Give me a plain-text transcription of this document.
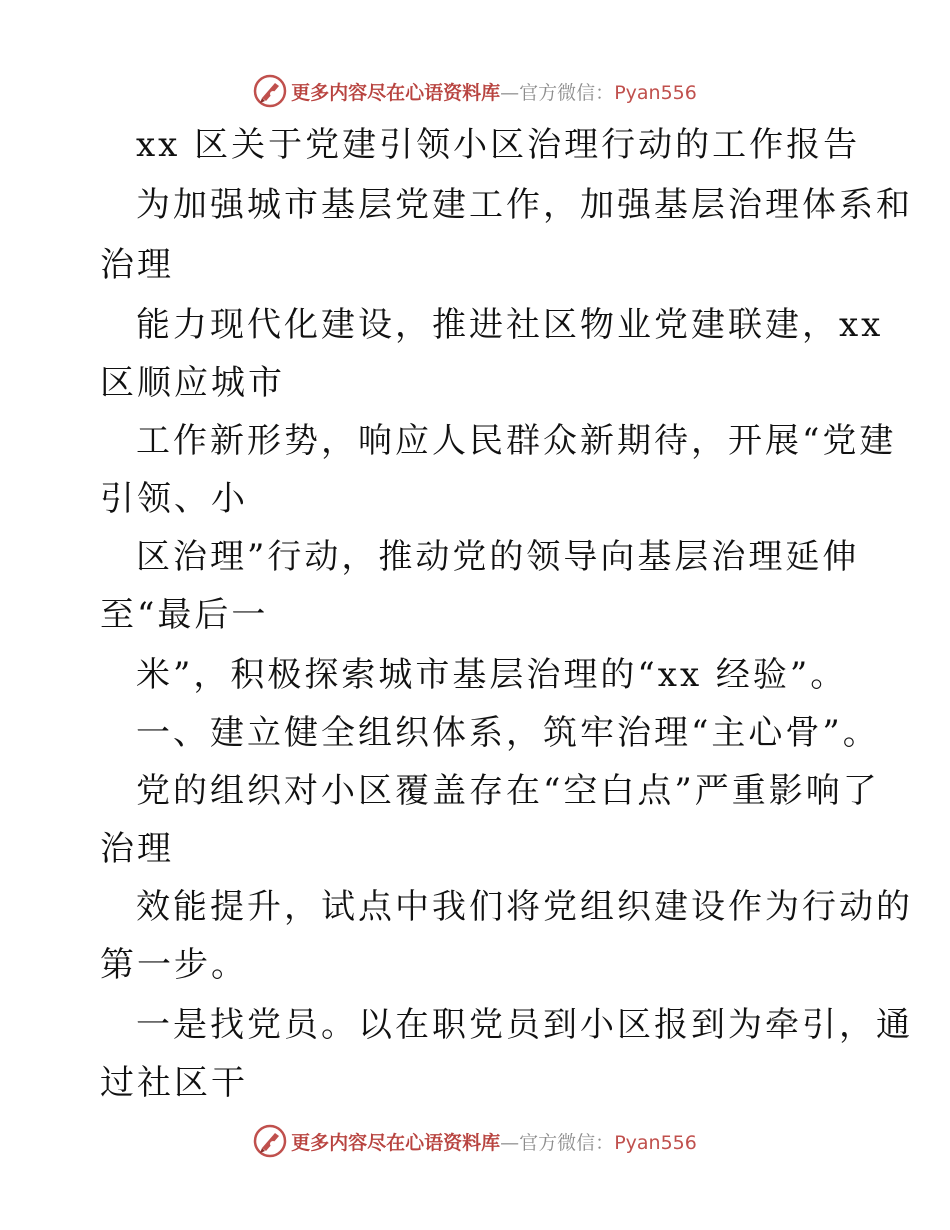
更多内容尽在心语资料库—官方微信：Pyan556
xx 区关于党建引领小区治理行动的工作报告
为加强城市基层党建工作，加强基层治理体系和
治理
能力现代化建设，推进社区物业党建联建，xx
区顺应城市
工作新形势，响应人民群众新期待，开展“党建
引领、小
区治理”行动，推动党的领导向基层治理延伸
至“最后一
米”，积极探索城市基层治理的“xx 经验”。
一、建立健全组织体系，筑牢治理“主心骨”。
党的组织对小区覆盖存在“空白点”严重影响了
治理
效能提升，试点中我们将党组织建设作为行动的
第一步。
一是找党员。以在职党员到小区报到为牵引，通
过社区干
更多内容尽在心语资料库—官方微信：Pyan556
